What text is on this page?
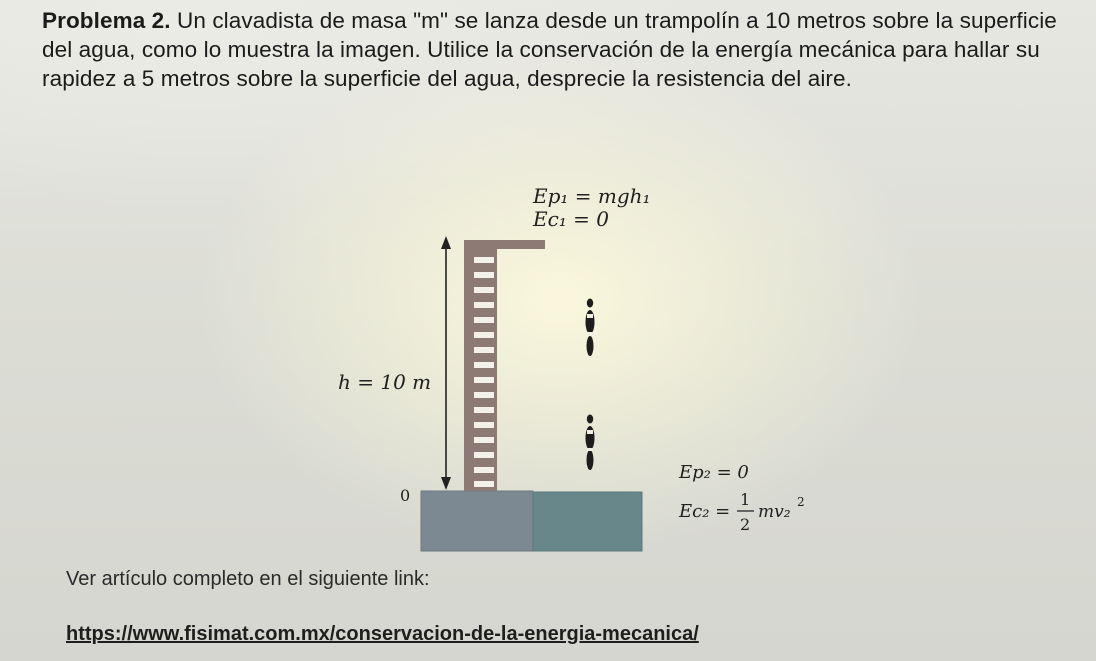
Problema 2. Un clavadista de masa "m" se lanza desde un trampolín a 10 metros sobre la superficie del agua, como lo muestra la imagen. Utilice la conservación de la energía mecánica para hallar su rapidez a 5 metros sobre la superficie del agua, desprecie la resistencia del aire.

Ep₁ = mgh₁
Ec₁ = 0
h = 10 m
0
Ep₂ = 0
Ec₂ =
1
2
mv₂ 2

Ver artículo completo en el siguiente link:

https://www.fisimat.com.mx/conservacion-de-la-energia-mecanica/
